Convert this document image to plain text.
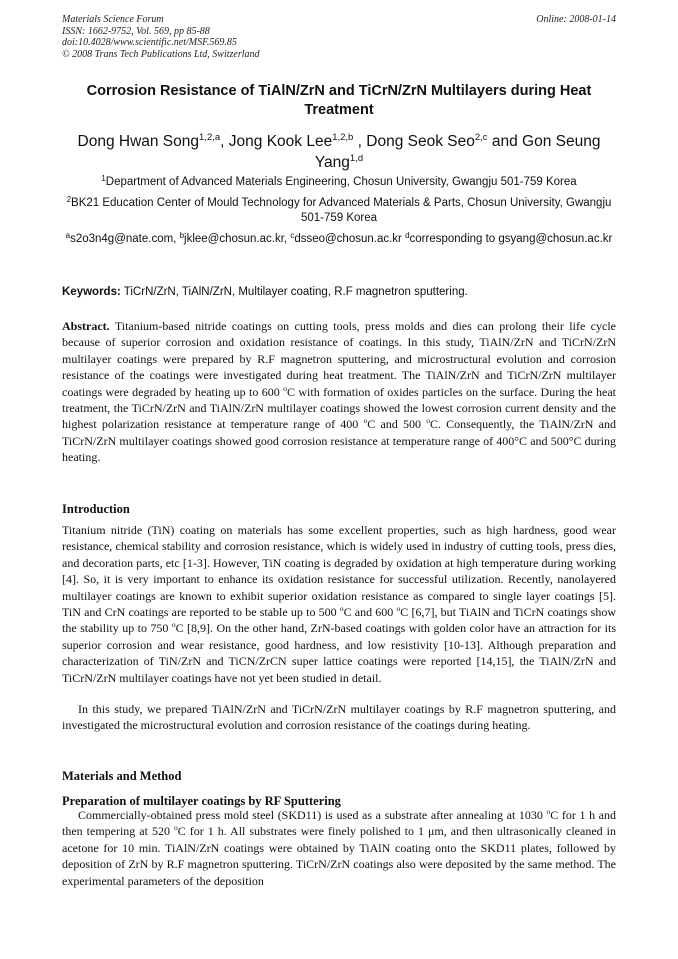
Materials Science Forum
ISSN: 1662-9752, Vol. 569, pp 85-88
doi:10.4028/www.scientific.net/MSF.569.85
© 2008 Trans Tech Publications Ltd, Switzerland
Online: 2008-01-14
Corrosion Resistance of TiAlN/ZrN and TiCrN/ZrN Multilayers during Heat Treatment
Dong Hwan Song$^{1,2,a}$, Jong Kook Lee$^{1,2,b}$ , Dong Seok Seo$^{2,c}$ and Gon Seung Yang$^{1,d}$
$^1$Department of Advanced Materials Engineering, Chosun University, Gwangju 501-759 Korea
$^2$BK21 Education Center of Mould Technology for Advanced Materials & Parts, Chosun University, Gwangju 501-759 Korea
$^a$s2o3n4g@nate.com, $^b$jklee@chosun.ac.kr, $^c$dsseo@chosun.ac.kr $^d$corresponding to gsyang@chosun.ac.kr
Keywords: TiCrN/ZrN, TiAlN/ZrN, Multilayer coating, R.F magnetron sputtering.

Abstract. Titanium-based nitride coatings on cutting tools, press molds and dies can prolong their life cycle because of superior corrosion and oxidation resistance of coatings. In this study, TiAlN/ZrN and TiCrN/ZrN multilayer coatings were prepared by R.F magnetron sputtering, and microstructural evolution and corrosion resistance of the coatings were investigated during heat treatment. The TiAlN/ZrN and TiCrN/ZrN multilayer coatings were degraded by heating up to 600 $^o$C with formation of oxides particles on the surface. During the heat treatment, the TiCrN/ZrN and TiAlN/ZrN multilayer coatings showed the lowest corrosion current density and the highest polarization resistance at temperature range of 400 $^o$C and 500 $^o$C. Consequently, the TiAlN/ZrN and TiCrN/ZrN multilayer coatings showed good corrosion resistance at temperature range of 400°C and 500°C during heating.

Introduction

Titanium nitride (TiN) coating on materials has some excellent properties, such as high hardness, good wear resistance, chemical stability and corrosion resistance, which is widely used in industry of cutting tools, press dies, and decoration parts, etc [1-3]. However, TiN coating is degraded by oxidation at high temperature during working [4]. So, it is very important to enhance its oxidation resistance for successful utilization. Recently, nanolayered multilayer coatings are known to exhibit superior oxidation resistance as compared to single layer coatings [5]. TiN and CrN coatings are reported to be stable up to 500 $^o$C and 600 $^o$C [6,7], but TiAlN and TiCrN coatings show the stability up to 750 $^o$C [8,9]. On the other hand, ZrN-based coatings with golden color have an attraction for its superior corrosion and wear resistance, good hardness, and low resistivity [10-13]. Although preparation and characterization of TiN/ZrN and TiCN/ZrCN super lattice coatings were reported [14,15], the TiAlN/ZrN and TiCrN/ZrN multilayer coatings have not yet been studied in detail.

In this study, we prepared TiAlN/ZrN and TiCrN/ZrN multilayer coatings by R.F magnetron sputtering, and investigated the microstructural evolution and corrosion resistance of the coatings during heating.

Materials and Method
Preparation of multilayer coatings by RF Sputtering

Commercially-obtained press mold steel (SKD11) is used as a substrate after annealing at 1030 $^o$C for 1 h and then tempering at 520 $^o$C for 1 h. All substrates were finely polished to 1 μm, and then ultrasonically cleaned in acetone for 10 min. TiAlN/ZrN coatings were obtained by TiAlN coating onto the SKD11 plates, followed by deposition of ZrN by R.F magnetron sputtering. TiCrN/ZrN coatings also were deposited by the same method. The experimental parameters of the deposition
